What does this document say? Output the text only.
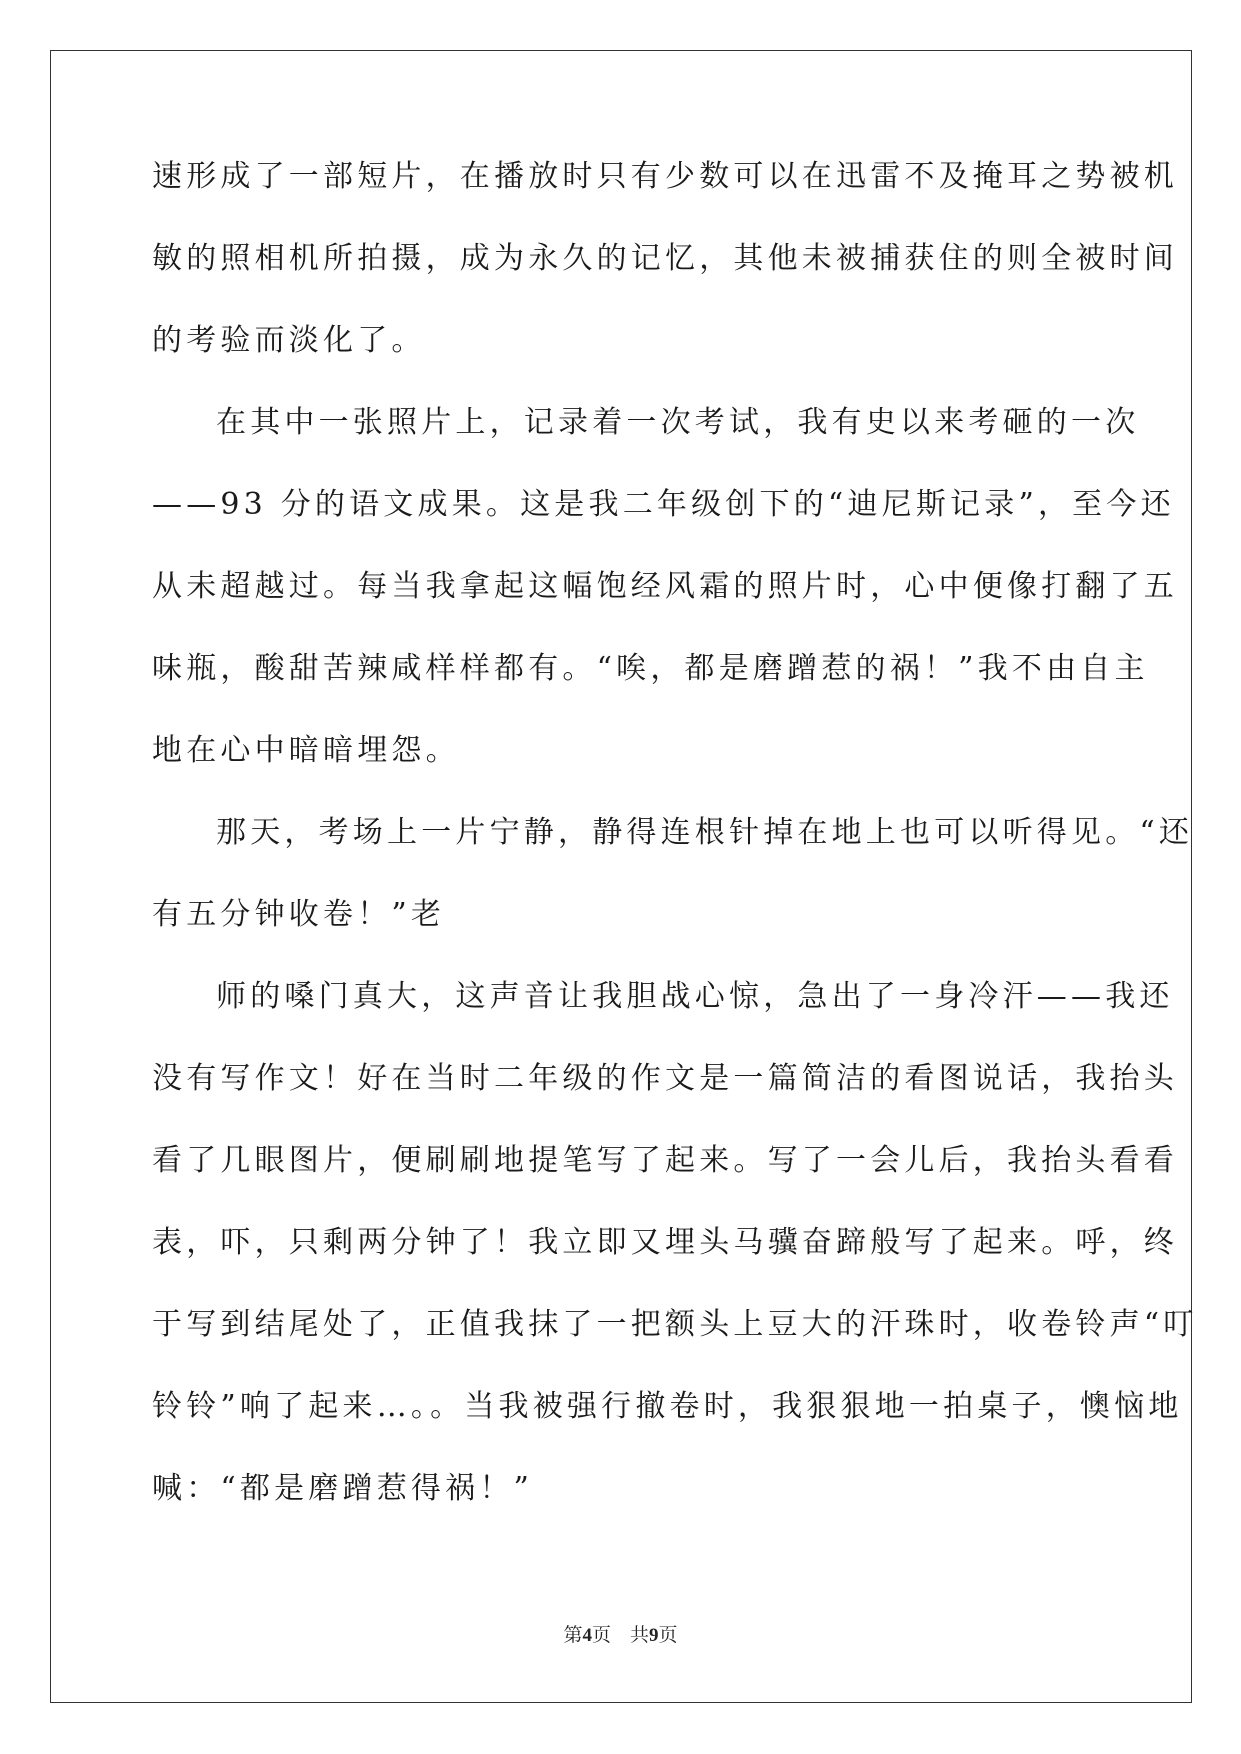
速形成了一部短片，在播放时只有少数可以在迅雷不及掩耳之势被机
敏的照相机所拍摄，成为永久的记忆，其他未被捕获住的则全被时间
的考验而淡化了。
在其中一张照片上，记录着一次考试，我有史以来考砸的一次
——93 分的语文成果。这是我二年级创下的“迪尼斯记录”，至今还
从未超越过。每当我拿起这幅饱经风霜的照片时，心中便像打翻了五
味瓶，酸甜苦辣咸样样都有。“唉，都是磨蹭惹的祸！”我不由自主
地在心中暗暗埋怨。
那天，考场上一片宁静，静得连根针掉在地上也可以听得见。“还
有五分钟收卷！”老
师的嗓门真大，这声音让我胆战心惊，急出了一身冷汗——我还
没有写作文！好在当时二年级的作文是一篇简洁的看图说话，我抬头
看了几眼图片，便刷刷地提笔写了起来。写了一会儿后，我抬头看看
表，吓，只剩两分钟了！我立即又埋头马骥奋蹄般写了起来。呼，终
于写到结尾处了，正值我抹了一把额头上豆大的汗珠时，收卷铃声“叮
铃铃”响了起来…。。当我被强行撤卷时，我狠狠地一拍桌子，懊恼地
喊：“都是磨蹭惹得祸！”
第4页　共9页
